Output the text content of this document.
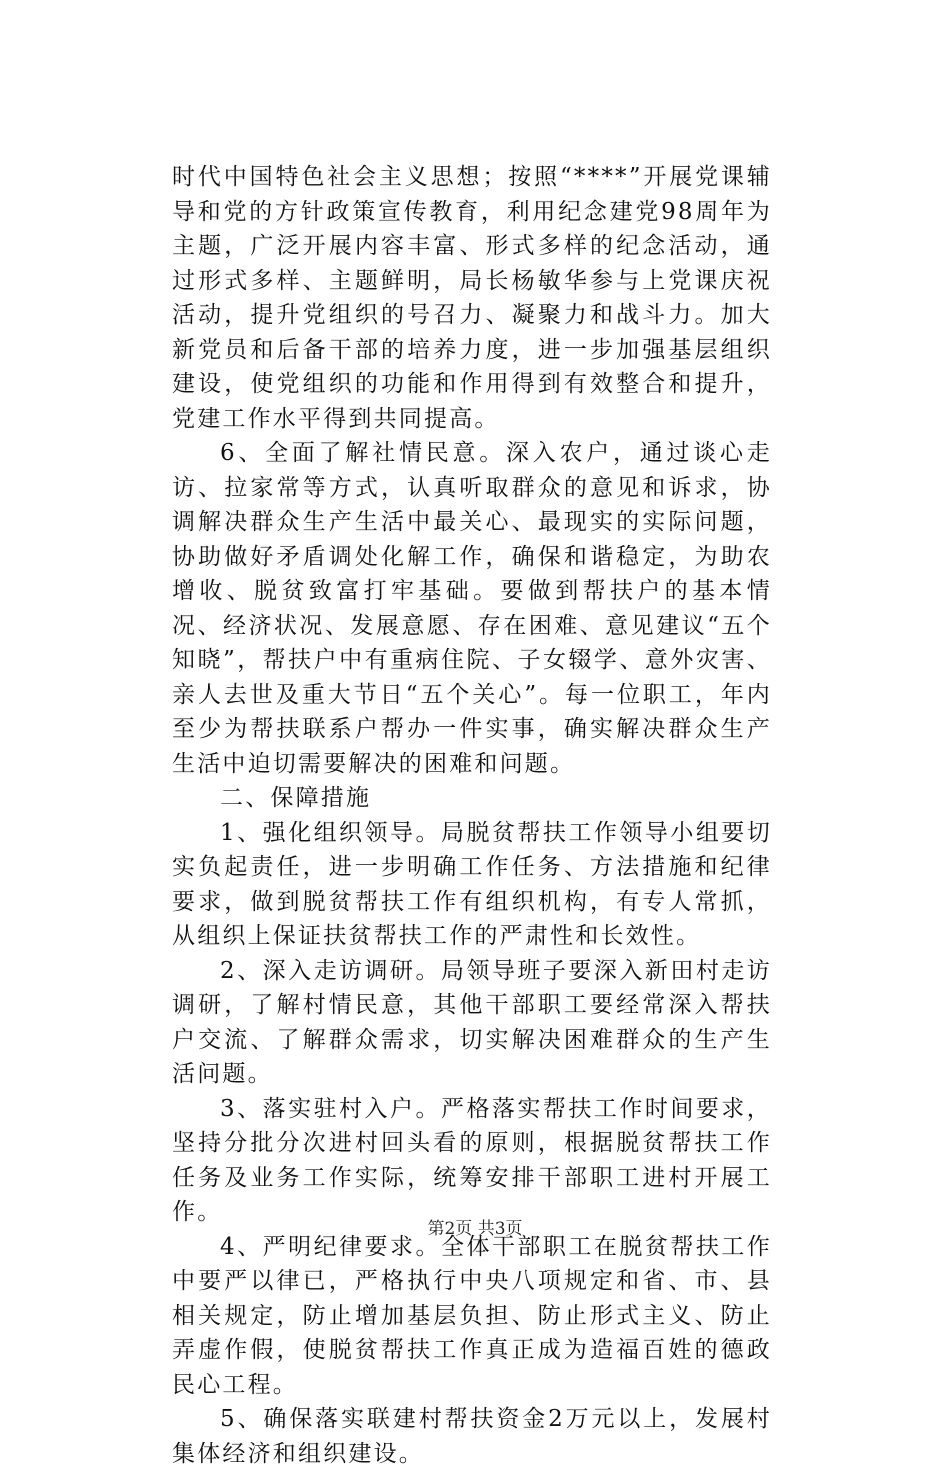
时代中国特色社会主义思想；按照“****”开展党课辅导和党的方针政策宣传教育，利用纪念建党98周年为主题，广泛开展内容丰富、形式多样的纪念活动，通过形式多样、主题鲜明，局长杨敏华参与上党课庆祝活动，提升党组织的号召力、凝聚力和战斗力。加大新党员和后备干部的培养力度，进一步加强基层组织建设，使党组织的功能和作用得到有效整合和提升，党建工作水平得到共同提高。

6、全面了解社情民意。深入农户，通过谈心走访、拉家常等方式，认真听取群众的意见和诉求，协调解决群众生产生活中最关心、最现实的实际问题，协助做好矛盾调处化解工作，确保和谐稳定，为助农增收、脱贫致富打牢基础。要做到帮扶户的基本情况、经济状况、发展意愿、存在困难、意见建议“五个知晓”，帮扶户中有重病住院、子女辍学、意外灾害、亲人去世及重大节日“五个关心”。每一位职工，年内至少为帮扶联系户帮办一件实事，确实解决群众生产生活中迫切需要解决的困难和问题。

二、保障措施

1、强化组织领导。局脱贫帮扶工作领导小组要切实负起责任，进一步明确工作任务、方法措施和纪律要求，做到脱贫帮扶工作有组织机构，有专人常抓，从组织上保证扶贫帮扶工作的严肃性和长效性。

2、深入走访调研。局领导班子要深入新田村走访调研，了解村情民意，其他干部职工要经常深入帮扶户交流、了解群众需求，切实解决困难群众的生产生活问题。

3、落实驻村入户。严格落实帮扶工作时间要求，坚持分批分次进村回头看的原则，根据脱贫帮扶工作任务及业务工作实际，统筹安排干部职工进村开展工作。

4、严明纪律要求。全体干部职工在脱贫帮扶工作中要严以律已，严格执行中央八项规定和省、市、县相关规定，防止增加基层负担、防止形式主义、防止弄虚作假，使脱贫帮扶工作真正成为造福百姓的德政民心工程。

5、确保落实联建村帮扶资金2万元以上，发展村集体经济和组织建设。

第2页 共3页
